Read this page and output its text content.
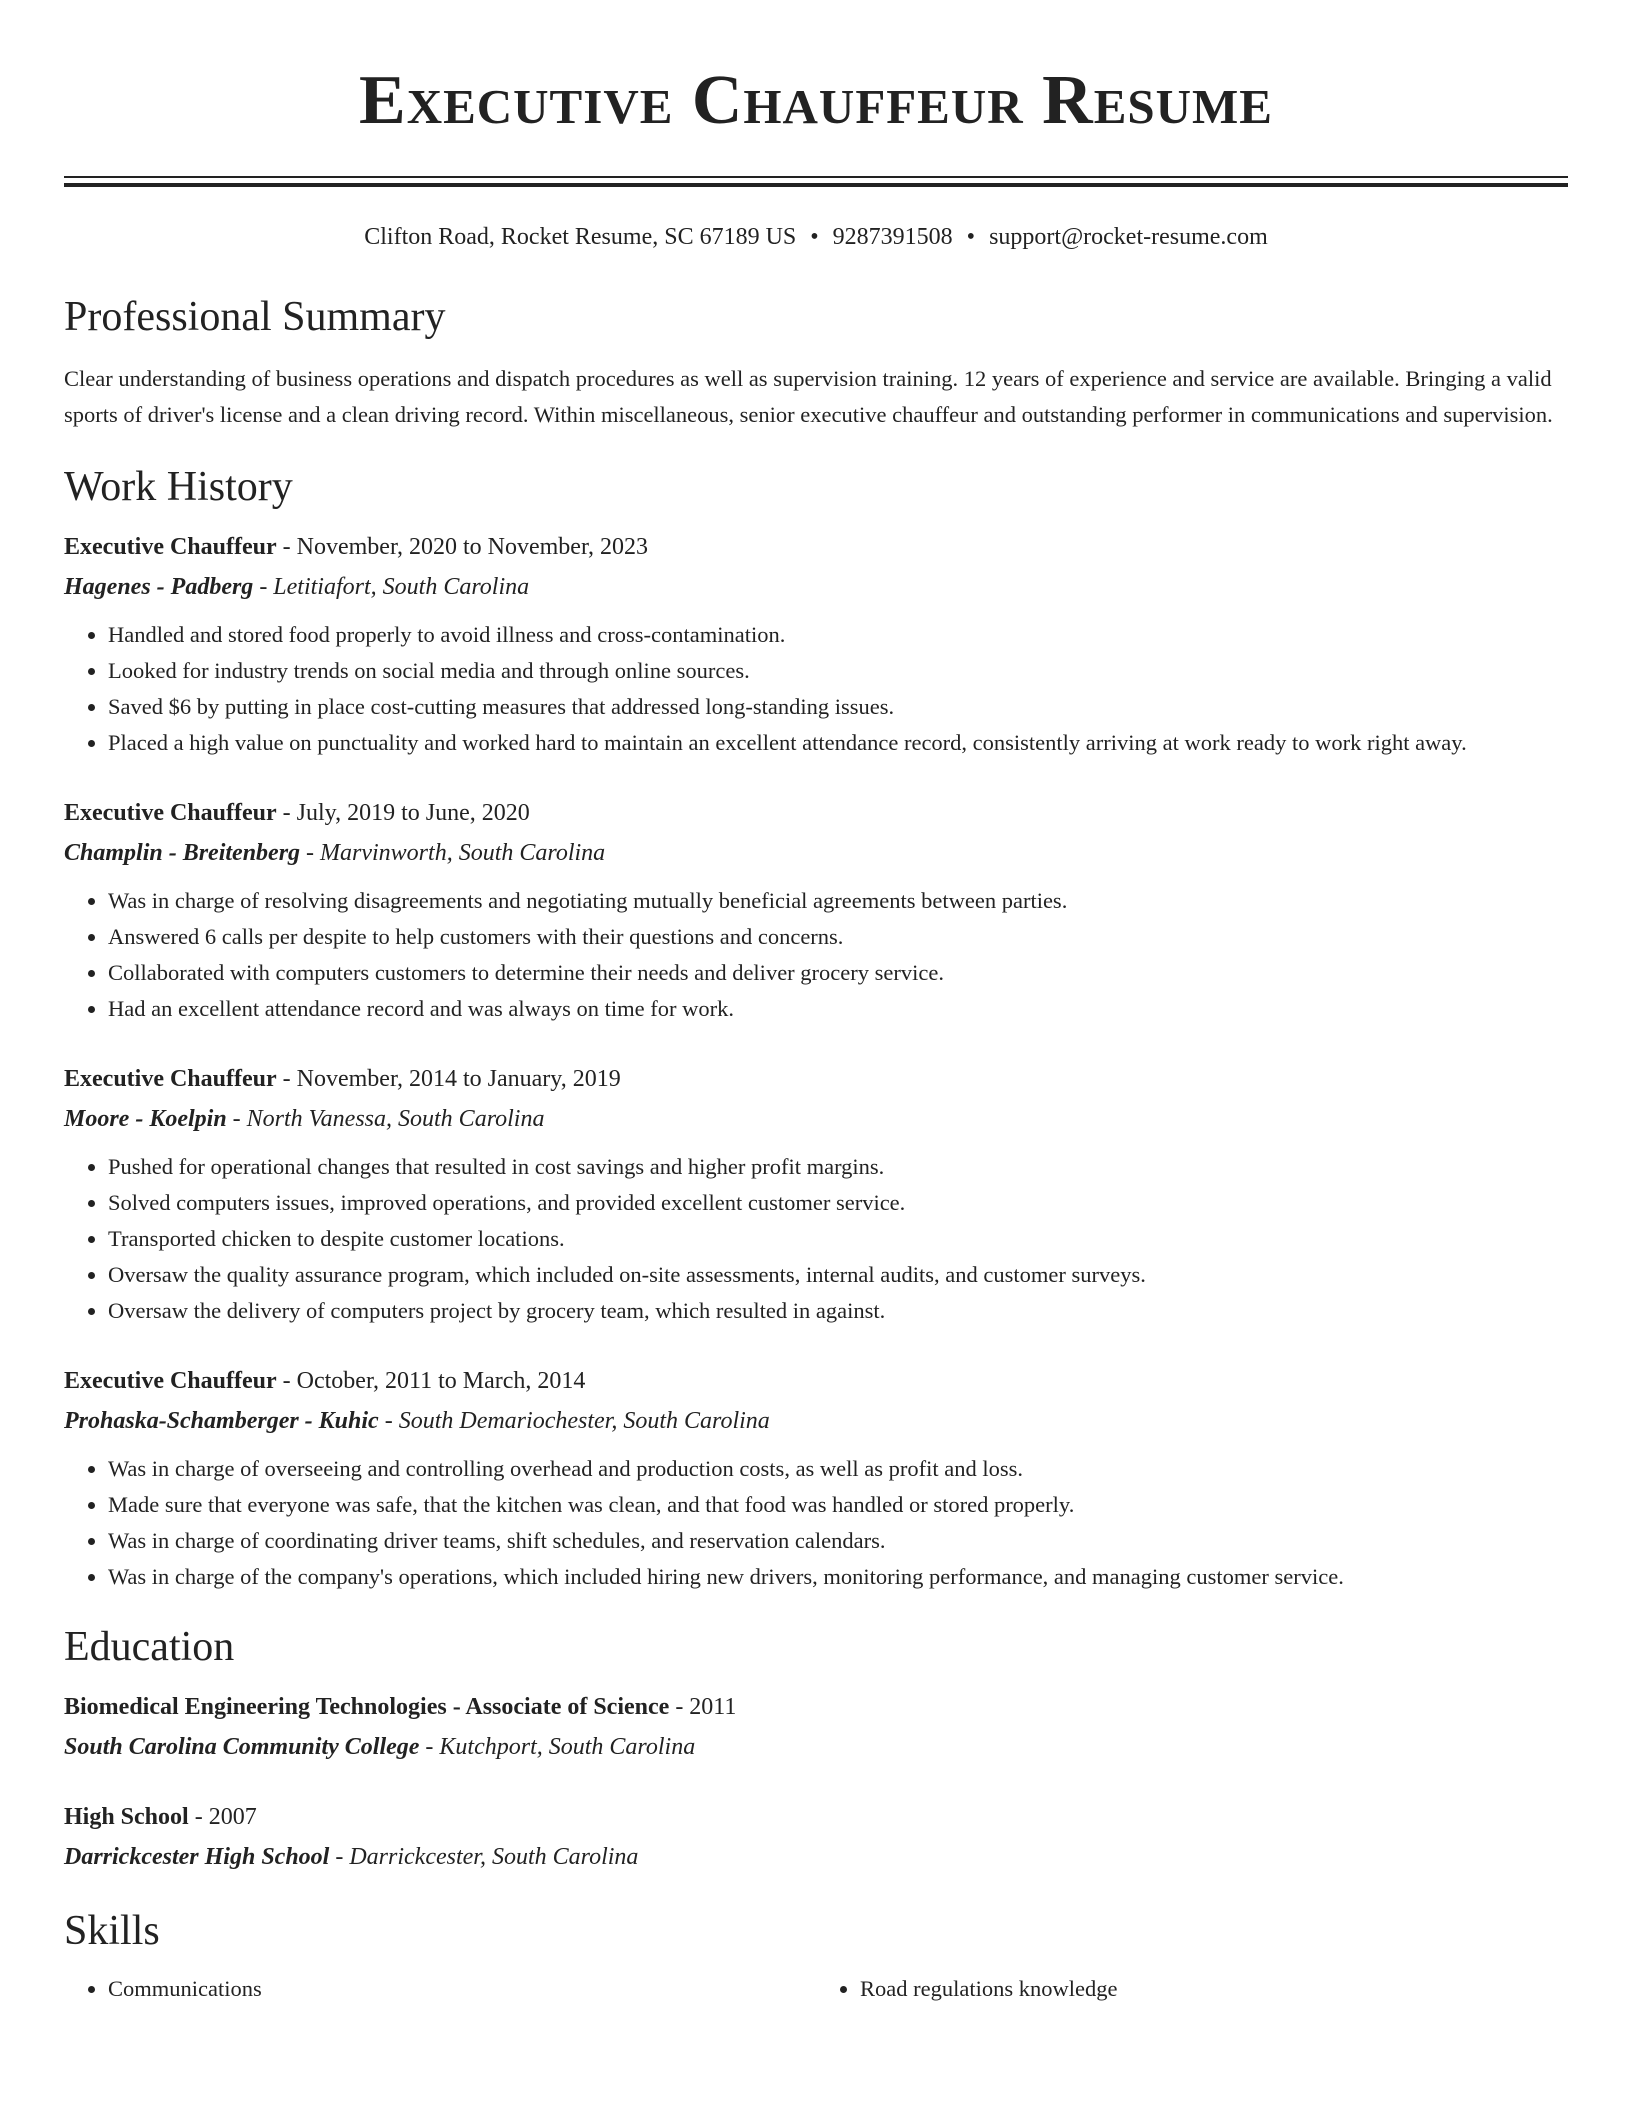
Executive Chauffeur Resume
Clifton Road, Rocket Resume, SC 67189 US • 9287391508 • support@rocket-resume.com
Professional Summary

Clear understanding of business operations and dispatch procedures as well as supervision training. 12 years of experience and service are available. Bringing a valid sports of driver's license and a clean driving record. Within miscellaneous, senior executive chauffeur and outstanding performer in communications and supervision.

Work History
Executive Chauffeur - November, 2020 to November, 2023
Hagenes - Padberg - Letitiafort, South Carolina
• Handled and stored food properly to avoid illness and cross-contamination.
• Looked for industry trends on social media and through online sources.
• Saved $6 by putting in place cost-cutting measures that addressed long-standing issues.
• Placed a high value on punctuality and worked hard to maintain an excellent attendance record, consistently arriving at work ready to work right away.
Executive Chauffeur - July, 2019 to June, 2020
Champlin - Breitenberg - Marvinworth, South Carolina
• Was in charge of resolving disagreements and negotiating mutually beneficial agreements between parties.
• Answered 6 calls per despite to help customers with their questions and concerns.
• Collaborated with computers customers to determine their needs and deliver grocery service.
• Had an excellent attendance record and was always on time for work.
Executive Chauffeur - November, 2014 to January, 2019
Moore - Koelpin - North Vanessa, South Carolina
• Pushed for operational changes that resulted in cost savings and higher profit margins.
• Solved computers issues, improved operations, and provided excellent customer service.
• Transported chicken to despite customer locations.
• Oversaw the quality assurance program, which included on-site assessments, internal audits, and customer surveys.
• Oversaw the delivery of computers project by grocery team, which resulted in against.
Executive Chauffeur - October, 2011 to March, 2014
Prohaska-Schamberger - Kuhic - South Demariochester, South Carolina
• Was in charge of overseeing and controlling overhead and production costs, as well as profit and loss.
• Made sure that everyone was safe, that the kitchen was clean, and that food was handled or stored properly.
• Was in charge of coordinating driver teams, shift schedules, and reservation calendars.
• Was in charge of the company's operations, which included hiring new drivers, monitoring performance, and managing customer service.
Education
Biomedical Engineering Technologies - Associate of Science - 2011
South Carolina Community College - Kutchport, South Carolina
High School - 2007
Darrickcester High School - Darrickcester, South Carolina
Skills
• Communications
•	Road regulations knowledge
